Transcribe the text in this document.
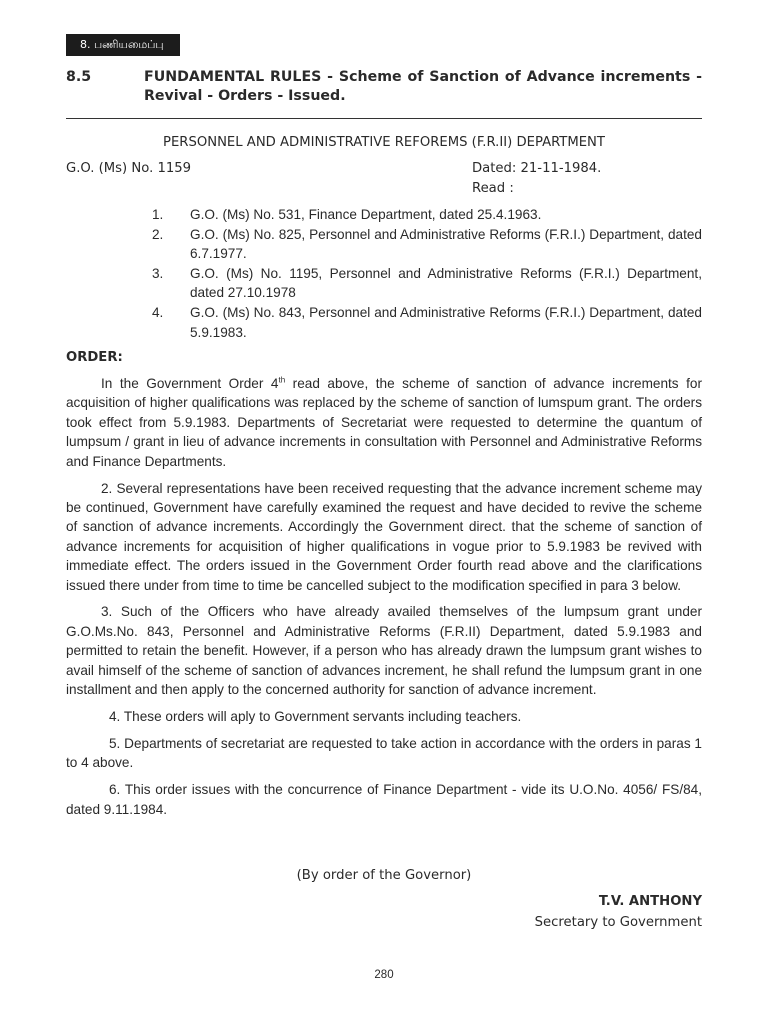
8. பணியமைப்பு
8.5	FUNDAMENTAL RULES - Scheme of Sanction of Advance increments - Revival - Orders - Issued.
PERSONNEL AND ADMINISTRATIVE REFOREMS (F.R.II) DEPARTMENT
G.O. (Ms) No. 1159	Dated: 21-11-1984.
Read :
1.	G.O. (Ms) No. 531, Finance Department, dated 25.4.1963.
2.	G.O. (Ms) No. 825, Personnel and Administrative Reforms (F.R.I.) Department, dated 6.7.1977.
3.	G.O. (Ms) No. 1195, Personnel and Administrative Reforms (F.R.I.) Department, dated 27.10.1978
4.	G.O. (Ms) No. 843, Personnel and Administrative Reforms (F.R.I.) Department, dated 5.9.1983.
ORDER:

In the Government Order 4th read above, the scheme of sanction of advance increments for acquisition of higher qualifications was replaced by the scheme of sanction of lumspum grant. The orders took effect from 5.9.1983. Departments of Secretariat were requested to determine the quantum of lumpsum / grant in lieu of advance increments in consultation with Personnel and Administrative Reforms and Finance Departments.

2. Several representations have been received requesting that the advance increment scheme may be continued, Government have carefully examined the request and have decided to revive the scheme of sanction of advance increments. Accordingly the Government direct. that the scheme of sanction of advance increments for acquisition of higher qualifications in vogue prior to 5.9.1983 be revived with immediate effect. The orders issued in the Government Order fourth read above and the clarifications issued there under from time to time be cancelled subject to the modification specified in para 3 below.

3. Such of the Officers who have already availed themselves of the lumpsum grant under G.O.Ms.No. 843, Personnel and Administrative Reforms (F.R.II) Department, dated 5.9.1983 and permitted to retain the benefit. However, if a person who has already drawn the lumpsum grant wishes to avail himself of the scheme of sanction of advances increment, he shall refund the lumpsum grant in one installment and then apply to the concerned authority for sanction of advance increment.

4. These orders will aply to Government servants including teachers.

5. Departments of secretariat are requested to take action in accordance with the orders in paras 1 to 4 above.

6. This order issues with the concurrence of Finance Department - vide its U.O.No. 4056/ FS/84, dated 9.11.1984.

(By order of the Governor)
T.V. ANTHONY
Secretary to Government
280
